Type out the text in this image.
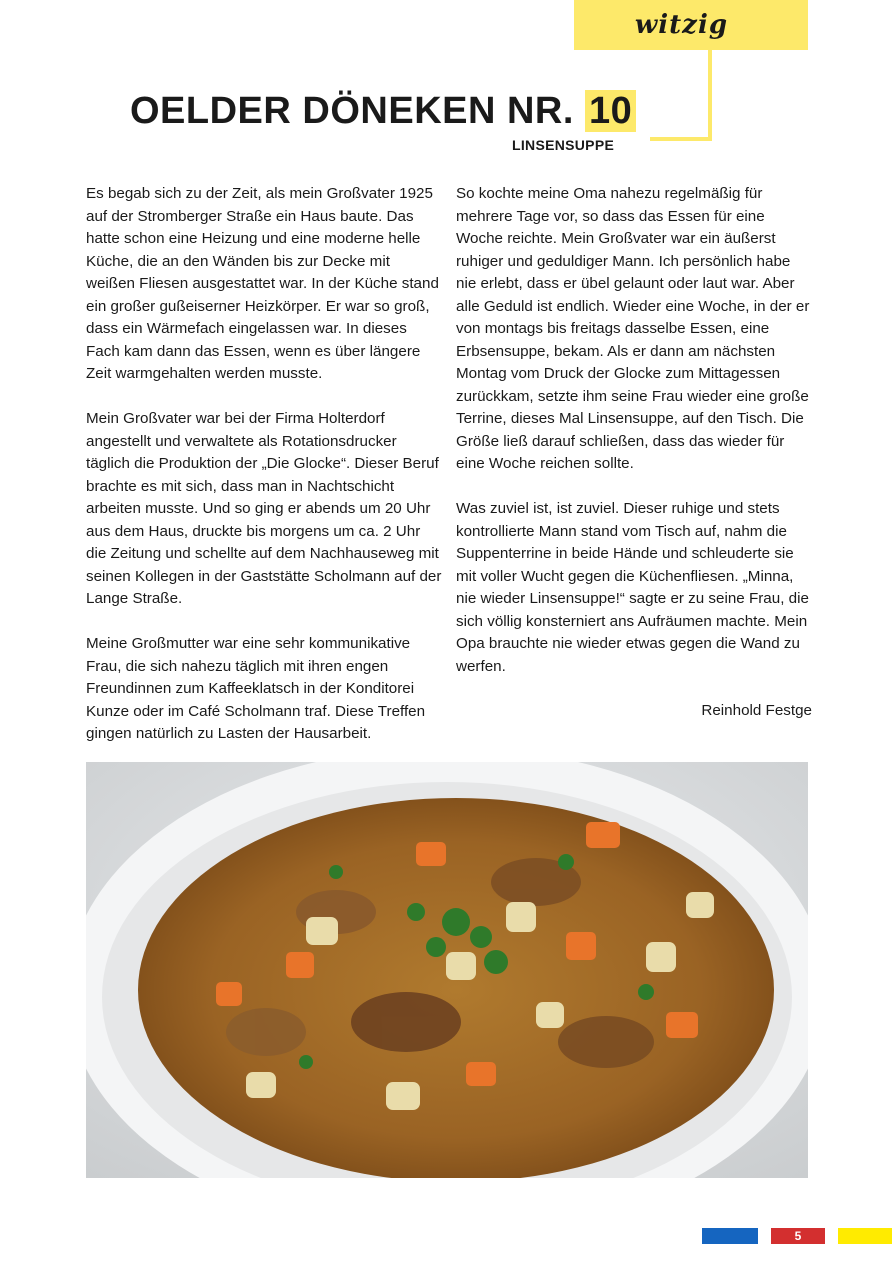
witzig
OELDER DÖNEKEN NR. 10
LINSENSUPPE

Es begab sich zu der Zeit, als mein Großvater 1925 auf der Stromberger Straße ein Haus baute. Das hatte schon eine Heizung und eine moderne helle Küche, die an den Wänden bis zur Decke mit weißen Fliesen ausgestattet war. In der Küche stand ein großer gußeiserner Heizkörper. Er war so groß, dass ein Wärmefach eingelassen war. In dieses Fach kam dann das Essen, wenn es über längere Zeit warmgehalten werden musste.

Mein Großvater war bei der Firma Holterdorf angestellt und verwaltete als Rotationsdrucker täglich die Produktion der „Die Glocke“. Dieser Beruf brachte es mit sich, dass man in Nachtschicht arbeiten musste. Und so ging er abends um 20 Uhr aus dem Haus, druckte bis morgens um ca. 2 Uhr die Zeitung und schellte auf dem Nachhauseweg mit seinen Kollegen in der Gaststätte Scholmann auf der Lange Straße.

Meine Großmutter war eine sehr kommunikative Frau, die sich nahezu täglich mit ihren engen Freundinnen zum Kaffeeklatsch in der Konditorei Kunze oder im Café Scholmann traf. Diese Treffen gingen natürlich zu Lasten der Hausarbeit.

So kochte meine Oma nahezu regelmäßig für mehrere Tage vor, so dass das Essen für eine Woche reichte. Mein Großvater war ein äußerst ruhiger und geduldiger Mann. Ich persönlich habe nie erlebt, dass er übel gelaunt oder laut war. Aber alle Geduld ist endlich. Wieder eine Woche, in der er von montags bis freitags dasselbe Essen, eine Erbsensuppe, bekam. Als er dann am nächsten Montag vom Druck der Glocke zum Mittagessen zurückkam, setzte ihm seine Frau wieder eine große Terrine, dieses Mal Linsensuppe, auf den Tisch. Die Größe ließ darauf schließen, dass das wieder für eine Woche reichen sollte.

Was zuviel ist, ist zuviel. Dieser ruhige und stets kontrollierte Mann stand vom Tisch auf, nahm die Suppenterrine in beide Hände und schleuderte sie mit voller Wucht gegen die Küchenfliesen. „Minna, nie wieder Linsensuppe!“ sagte er zu seine Frau, die sich völlig konsterniert ans Aufräumen machte. Mein Opa brauchte nie wieder etwas gegen die Wand zu werfen.

Reinhold Festge
5
